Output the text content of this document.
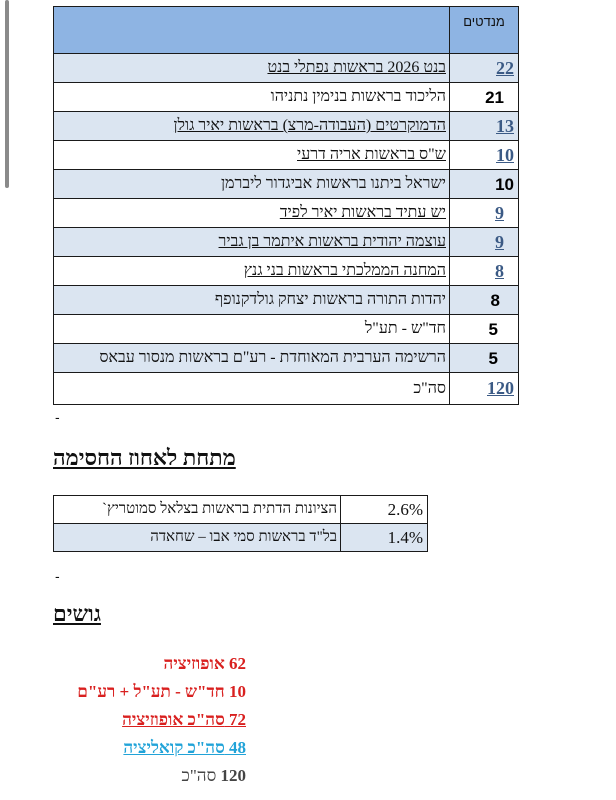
מנדטים	
22	בנט 2026 בראשות נפתלי בנט
21	הליכוד בראשות בנימין נתניהו
13	הדמוקרטים (העבודה-מרצ) בראשות יאיר גולן
10	ש"ס בראשות אריה דרעי
10	ישראל ביתנו בראשות אביגדור ליברמן
9	יש עתיד בראשות יאיר לפיד
9	עוצמה יהודית בראשות איתמר בן גביר
8	המחנה הממלכתי בראשות בני גנץ
8	יהדות התורה בראשות יצחק גולדקנופף
5	חד"ש - תע"ל
5	הרשימה הערבית המאוחדת - רע"ם בראשות מנסור עבאס
120	סה"כ
-
מתחת לאחוז החסימה
2.6%	הציונות הדתית בראשות בצלאל סמוטריץ`
1.4%	בל"ד בראשות סמי אבו – שחאדה
-
גושים
62 אופוזיציה
10 חד"ש - תע"ל + רע"ם
72 סה"כ אופוזיציה
48 סה"כ קואליציה
120 סה"כ
